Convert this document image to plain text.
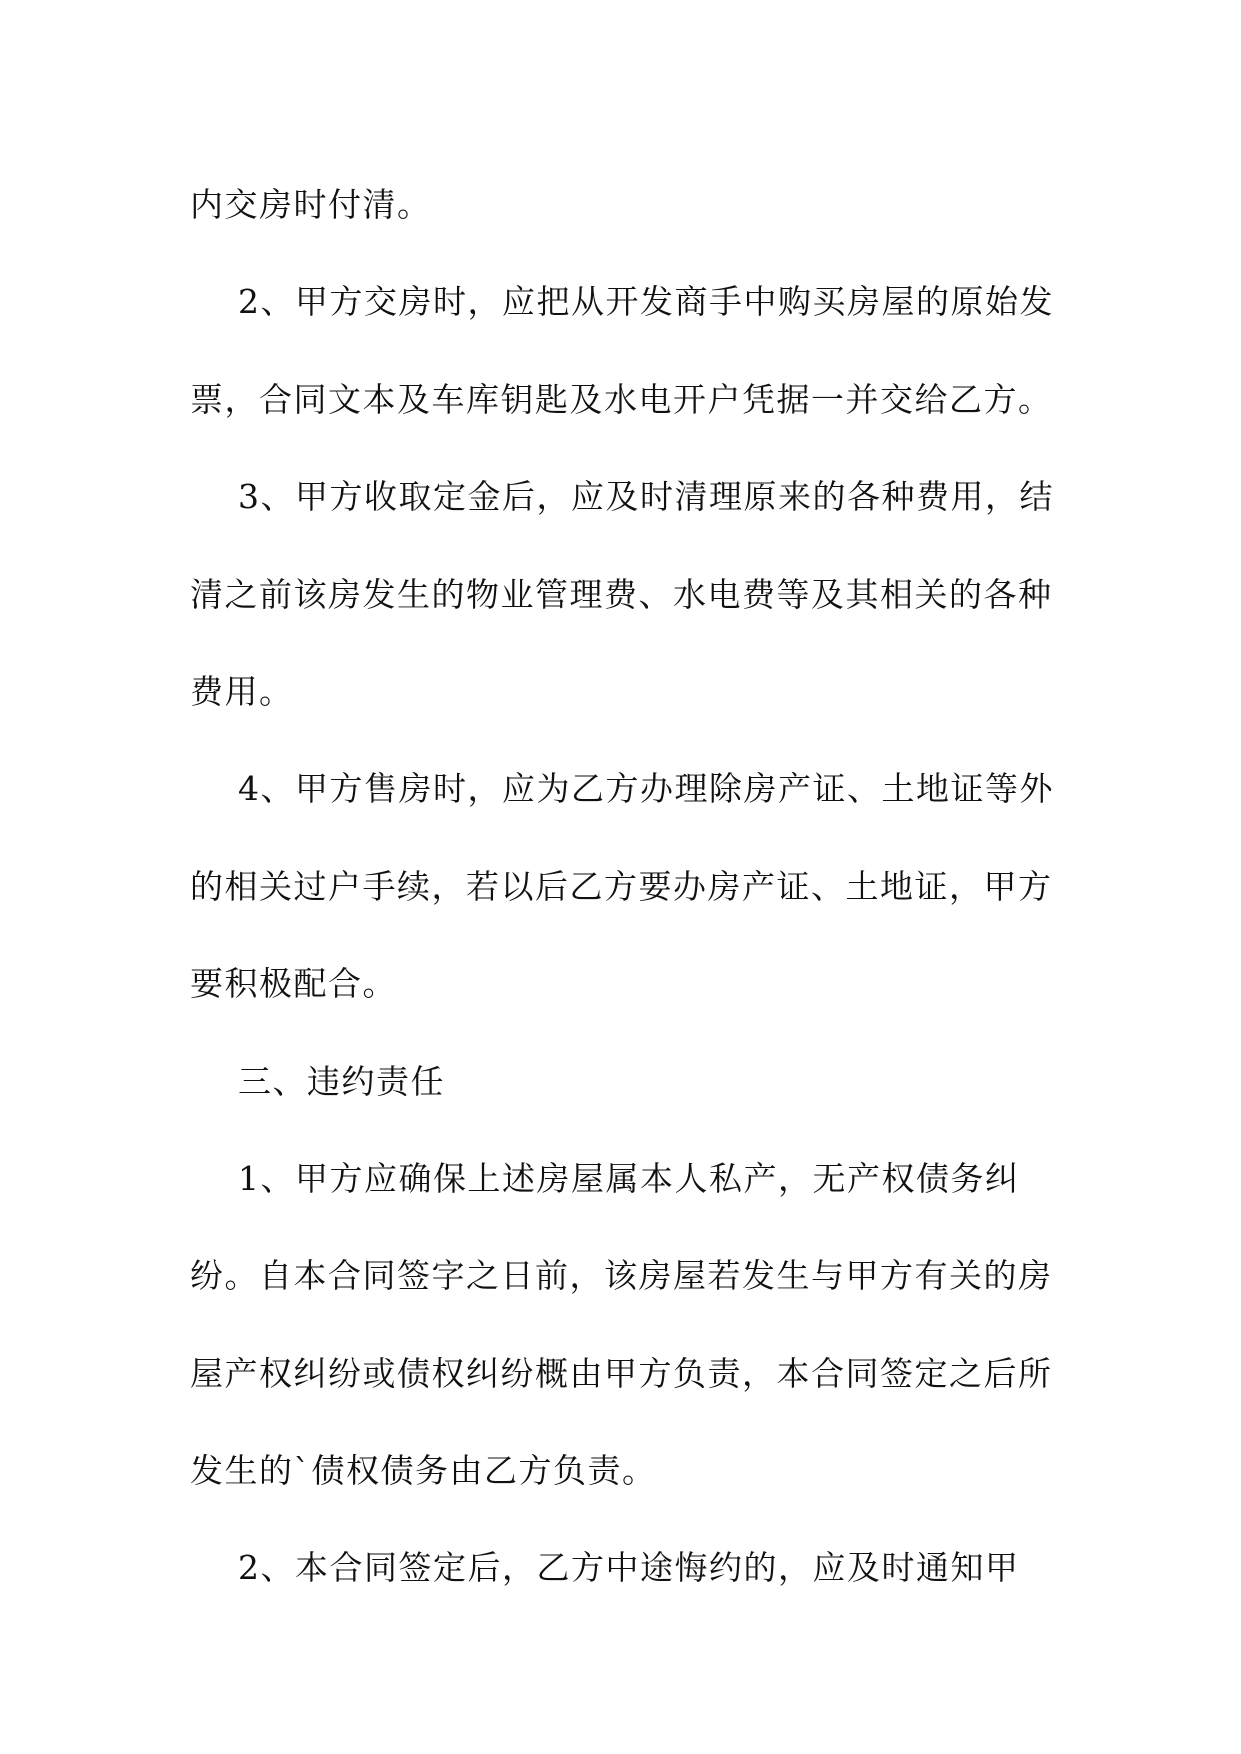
内交房时付清。
2、甲方交房时，应把从开发商手中购买房屋的原始发
票，合同文本及车库钥匙及水电开户凭据一并交给乙方。
3、甲方收取定金后，应及时清理原来的各种费用，结
清之前该房发生的物业管理费、水电费等及其相关的各种
费用。
4、甲方售房时，应为乙方办理除房产证、土地证等外
的相关过户手续，若以后乙方要办房产证、土地证，甲方
要积极配合。
三、违约责任
1、甲方应确保上述房屋属本人私产，无产权债务纠
纷。自本合同签字之日前，该房屋若发生与甲方有关的房
屋产权纠纷或债权纠纷概由甲方负责，本合同签定之后所
发生的`债权债务由乙方负责。
2、本合同签定后，乙方中途悔约的，应及时通知甲
